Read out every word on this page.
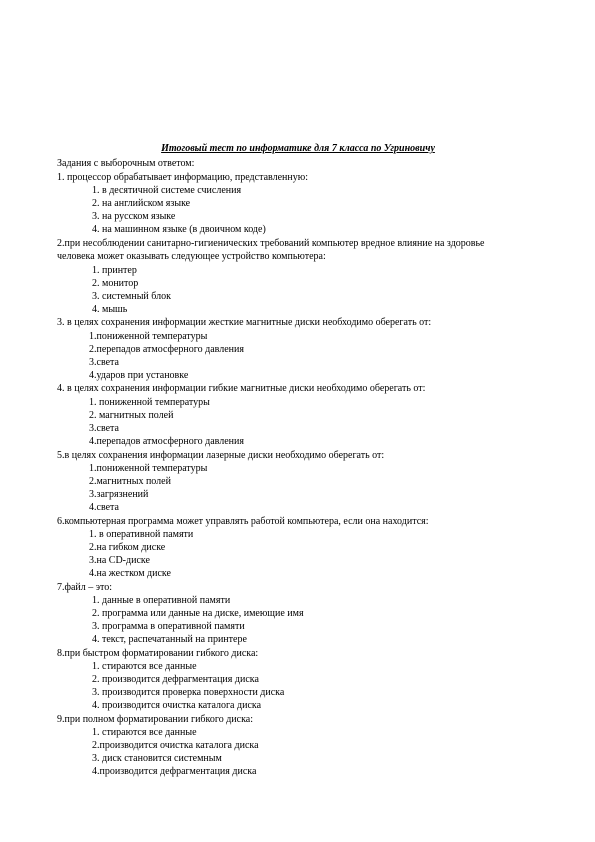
Итоговый тест по информатике для 7 класса по Угриновичу
Задания с выборочным ответом:
1. процессор обрабатывает информацию, представленную:
1. в десятичной системе счисления
2. на английском языке
3. на русском языке
4. на машинном языке (в двоичном коде)
2.при несоблюдении санитарно-гигиенических требований компьютер вредное влияние на здоровье
человека может оказывать следующее устройство компьютера:
1. принтер
2. монитор
3. системный блок
4. мышь
3. в целях сохранения информации жесткие магнитные диски необходимо оберегать от:
1.пониженной температуры
2.перепадов атмосферного давления
3.света
4.ударов при установке
4. в целях сохранения информации гибкие магнитные диски необходимо оберегать от:
1. пониженной температуры
2. магнитных полей
3.света
4.перепадов атмосферного давления
5.в целях сохранения информации лазерные диски необходимо оберегать от:
1.пониженной температуры
2.магнитных полей
3.загрязнений
4.света
6.компьютерная программа может управлять работой компьютера, если она находится:
1. в оперативной памяти
2.на гибком диске
3.на CD-диске
4.на жестком диске
7.файл – это:
1. данные в оперативной памяти
2. программа или данные на диске, имеющие имя
3. программа в оперативной памяти
4. текст, распечатанный на принтере
8.при быстром форматировании гибкого диска:
1. стираются все данные
2. производится дефрагментация диска
3. производится проверка поверхности диска
4. производится очистка каталога диска
9.при полном форматировании гибкого диска:
1. стираются все данные
2.производится очистка каталога диска
3. диск становится системным
4.производится дефрагментация диска
